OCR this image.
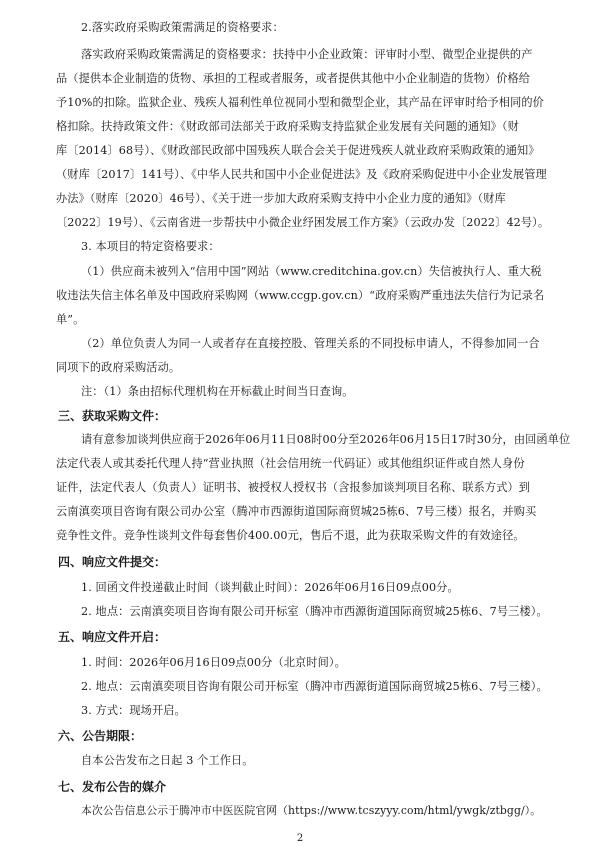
2.落实政府采购政策需满足的资格要求：
落实政府采购政策需满足的资格要求：扶持中小企业政策：评审时小型、微型企业提供的产
品（提供本企业制造的货物、承担的工程或者服务，或者提供其他中小企业制造的货物）价格给
予10%的扣除。监狱企业、残疾人福利性单位视同小型和微型企业，其产品在评审时给予相同的价
格扣除。扶持政策文件：《财政部司法部关于政府采购支持监狱企业发展有关问题的通知》（财
库〔2014〕68号）、《财政部民政部中国残疾人联合会关于促进残疾人就业政府采购政策的通知》
（财库〔2017〕141号）、《中华人民共和国中小企业促进法》及《政府采购促进中小企业发展管理
办法》（财库〔2020〕46号）、《关于进一步加大政府采购支持中小企业力度的通知》（财库
〔2022〕19号）、《云南省进一步帮扶中小微企业纾困发展工作方案》（云政办发〔2022〕42号）。
3. 本项目的特定资格要求：
（1）供应商未被列入“信用中国”网站（www.creditchina.gov.cn）失信被执行人、重大税
收违法失信主体名单及中国政府采购网（www.ccgp.gov.cn）“政府采购严重违法失信行为记录名
单”。
（2）单位负责人为同一人或者存在直接控股、管理关系的不同投标申请人，不得参加同一合
同项下的政府采购活动。
注：（1）条由招标代理机构在开标截止时间当日查询。
三、获取采购文件：
请有意参加谈判供应商于2026年06月11日08时00分至2026年06月15日17时30分，由回函单位
法定代表人或其委托代理人持“营业执照（社会信用统一代码证）或其他组织证件或自然人身份
证件，法定代表人（负责人）证明书、被授权人授权书（含报参加谈判项目名称、联系方式）到
云南滇奕项目咨询有限公司办公室（腾冲市西源街道国际商贸城25栋6、7号三楼）报名，并购买
竞争性文件。竞争性谈判文件每套售价400.00元，售后不退，此为获取采购文件的有效途径。
四、响应文件提交：
1. 回函文件投递截止时间（谈判截止时间）：2026年06月16日09点00分。
2. 地点：云南滇奕项目咨询有限公司开标室（腾冲市西源街道国际商贸城25栋6、7号三楼）。
五、响应文件开启：
1. 时间：2026年06月16日09点00分（北京时间）。
2. 地点：云南滇奕项目咨询有限公司开标室（腾冲市西源街道国际商贸城25栋6、7号三楼）。
3. 方式：现场开启。
六、公告期限：
自本公告发布之日起 3 个工作日。
七、发布公告的媒介
本次公告信息公示于腾冲市中医医院官网（https://www.tcszyyy.com/html/ywgk/ztbgg/）。
2
